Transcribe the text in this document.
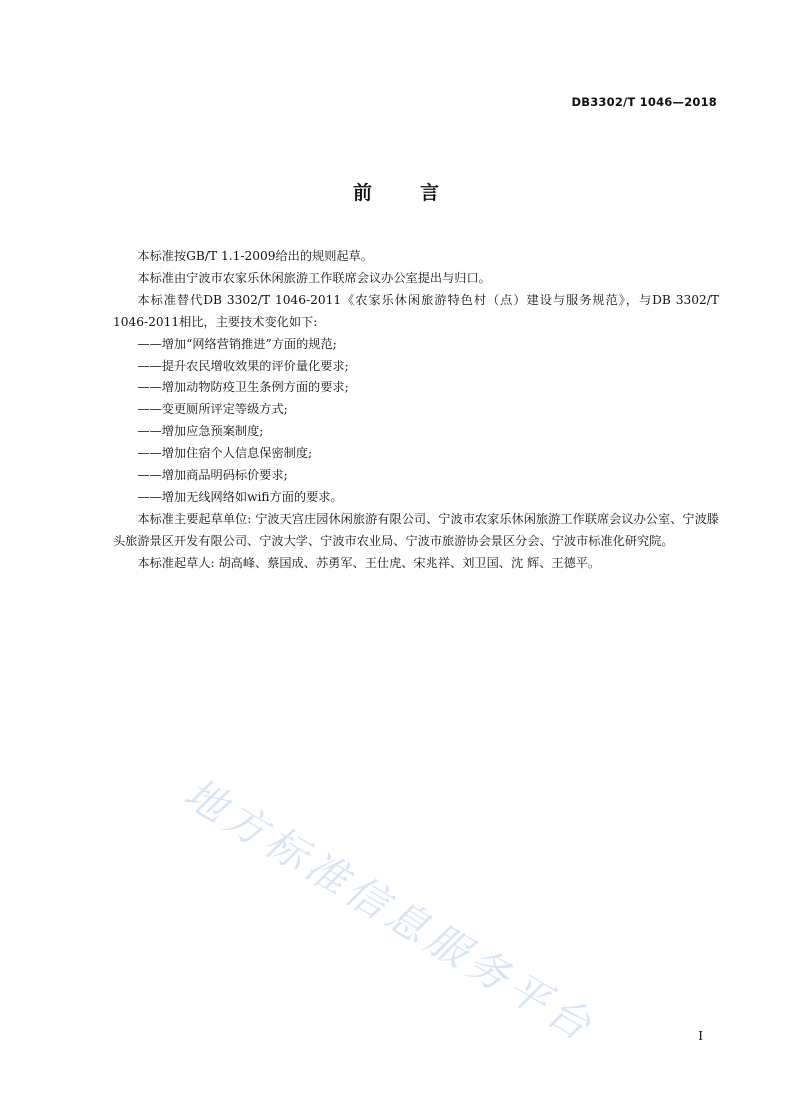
DB3302/T 1046—2018
前	言

本标准按GB/T 1.1-2009给出的规则起草。

本标准由宁波市农家乐休闲旅游工作联席会议办公室提出与归口。

本标准替代DB 3302/T 1046-2011《农家乐休闲旅游特色村（点）建设与服务规范》，与DB 3302/T 1046-2011相比，主要技术变化如下:

——增加“网络营销推进”方面的规范;

——提升农民增收效果的评价量化要求;

——增加动物防疫卫生条例方面的要求;

——变更厕所评定等级方式;

——增加应急预案制度;

——增加住宿个人信息保密制度;

——增加商品明码标价要求;

——增加无线网络如wifi方面的要求。

本标准主要起草单位: 宁波天宫庄园休闲旅游有限公司、宁波市农家乐休闲旅游工作联席会议办公室、宁波滕头旅游景区开发有限公司、宁波大学、宁波市农业局、宁波市旅游协会景区分会、宁波市标准化研究院。

本标准起草人: 胡高峰、蔡国成、苏勇军、王仕虎、宋兆祥、刘卫国、沈 辉、王德平。

地方标准信息服务平台	I
